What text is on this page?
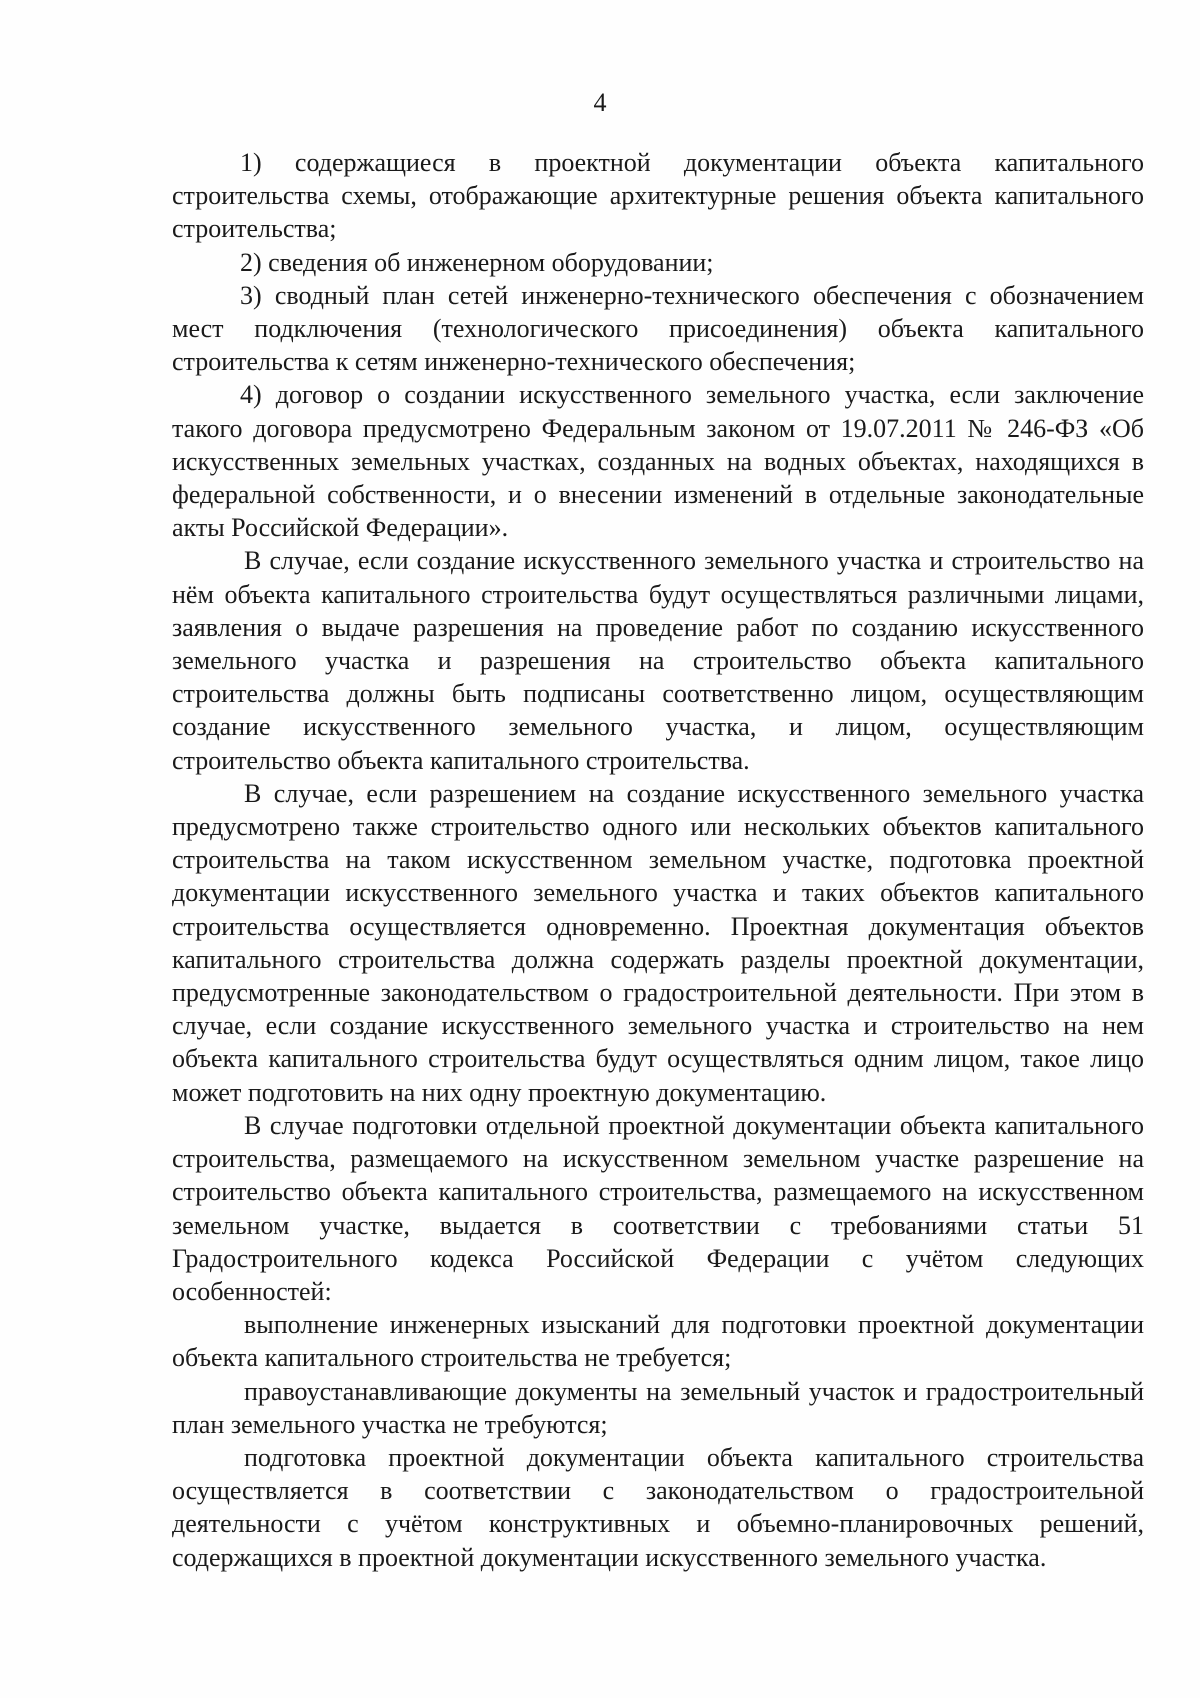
4

1) содержащиеся в проектной документации объекта капитального строительства схемы, отображающие архитектурные решения объекта капитального строительства;

2) сведения об инженерном оборудовании;

3) сводный план сетей инженерно-технического обеспечения с обозначением мест подключения (технологического присоединения) объекта капитального строительства к сетям инженерно-технического обеспечения;

4) договор о создании искусственного земельного участка, если заключение такого договора предусмотрено Федеральным законом от 19.07.2011 № 246-ФЗ «Об искусственных земельных участках, созданных на водных объектах, находящихся в федеральной собственности, и о внесении изменений в отдельные законодательные акты Российской Федерации».

В случае, если создание искусственного земельного участка и строительство на нём объекта капитального строительства будут осуществляться различными лицами, заявления о выдаче разрешения на проведение работ по созданию искусственного земельного участка и разрешения на строительство объекта капитального строительства должны быть подписаны соответственно лицом, осуществляющим создание искусственного земельного участка, и лицом, осуществляющим строительство объекта капитального строительства.

В случае, если разрешением на создание искусственного земельного участка предусмотрено также строительство одного или нескольких объектов капитального строительства на таком искусственном земельном участке, подготовка проектной документации искусственного земельного участка и таких объектов капитального строительства осуществляется одновременно. Проектная документация объектов капитального строительства должна содержать разделы проектной документации, предусмотренные законодательством о градостроительной деятельности. При этом в случае, если создание искусственного земельного участка и строительство на нем объекта капитального строительства будут осуществляться одним лицом, такое лицо может подготовить на них одну проектную документацию.

В случае подготовки отдельной проектной документации объекта капитального строительства, размещаемого на искусственном земельном участке разрешение на строительство объекта капитального строительства, размещаемого на искусственном земельном участке, выдается в соответствии с требованиями статьи 51 Градостроительного кодекса Российской Федерации с учётом следующих особенностей:

выполнение инженерных изысканий для подготовки проектной документации объекта капитального строительства не требуется;

правоустанавливающие документы на земельный участок и градостроительный план земельного участка не требуются;

подготовка проектной документации объекта капитального строительства осуществляется в соответствии с законодательством о градостроительной деятельности с учётом конструктивных и объемно-планировочных решений, содержащихся в проектной документации искусственного земельного участка.
